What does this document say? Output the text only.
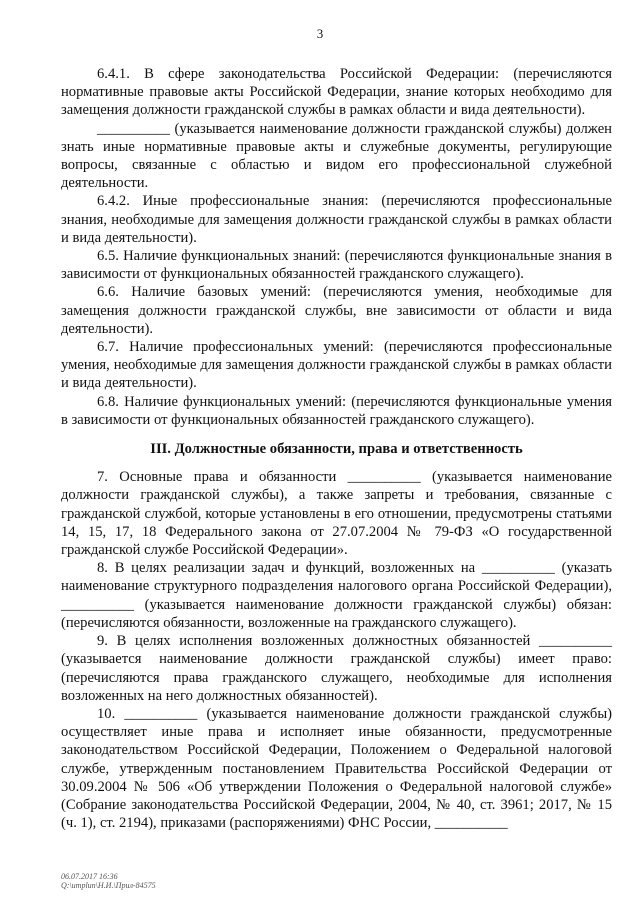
3

6.4.1. В сфере законодательства Российской Федерации: (перечисляются нормативные правовые акты Российской Федерации, знание которых необходимо для замещения должности гражданской службы в рамках области и вида деятельности).

__________ (указывается наименование должности гражданской службы) должен знать иные нормативные правовые акты и служебные документы, регулирующие вопросы, связанные с областью и видом его профессиональной служебной деятельности.

6.4.2. Иные профессиональные знания: (перечисляются профессиональные знания, необходимые для замещения должности гражданской службы в рамках области и вида деятельности).

6.5. Наличие функциональных знаний: (перечисляются функциональные знания в зависимости от функциональных обязанностей гражданского служащего).

6.6. Наличие базовых умений: (перечисляются умения, необходимые для замещения должности гражданской службы, вне зависимости от области и вида деятельности).

6.7. Наличие профессиональных умений: (перечисляются профессиональные умения, необходимые для замещения должности гражданской службы в рамках области и вида деятельности).

6.8. Наличие функциональных умений: (перечисляются функциональные умения в зависимости от функциональных обязанностей гражданского служащего).

III. Должностные обязанности, права и ответственность

7. Основные права и обязанности __________ (указывается наименование должности гражданской службы), а также запреты и требования, связанные с гражданской службой, которые установлены в его отношении, предусмотрены статьями 14, 15, 17, 18 Федерального закона от 27.07.2004 № 79-ФЗ «О государственной гражданской службе Российской Федерации».

8. В целях реализации задач и функций, возложенных на __________ (указать наименование структурного подразделения налогового органа Российской Федерации), __________ (указывается наименование должности гражданской службы) обязан: (перечисляются обязанности, возложенные на гражданского служащего).

9. В целях исполнения возложенных должностных обязанностей __________ (указывается наименование должности гражданской службы) имеет право: (перечисляются права гражданского служащего, необходимые для исполнения возложенных на него должностных обязанностей).

10. __________ (указывается наименование должности гражданской службы) осуществляет иные права и исполняет иные обязанности, предусмотренные законодательством Российской Федерации, Положением о Федеральной налоговой службе, утвержденным постановлением Правительства Российской Федерации от 30.09.2004 № 506 «Об утверждении Положения о Федеральной налоговой службе» (Собрание законодательства Российской Федерации, 2004, № 40, ст. 3961; 2017, № 15 (ч. 1), ст. 2194), приказами (распоряжениями) ФНС России, __________

06.07.2017 16:36
Q:\umplun\Н.И.\Прил-84575
